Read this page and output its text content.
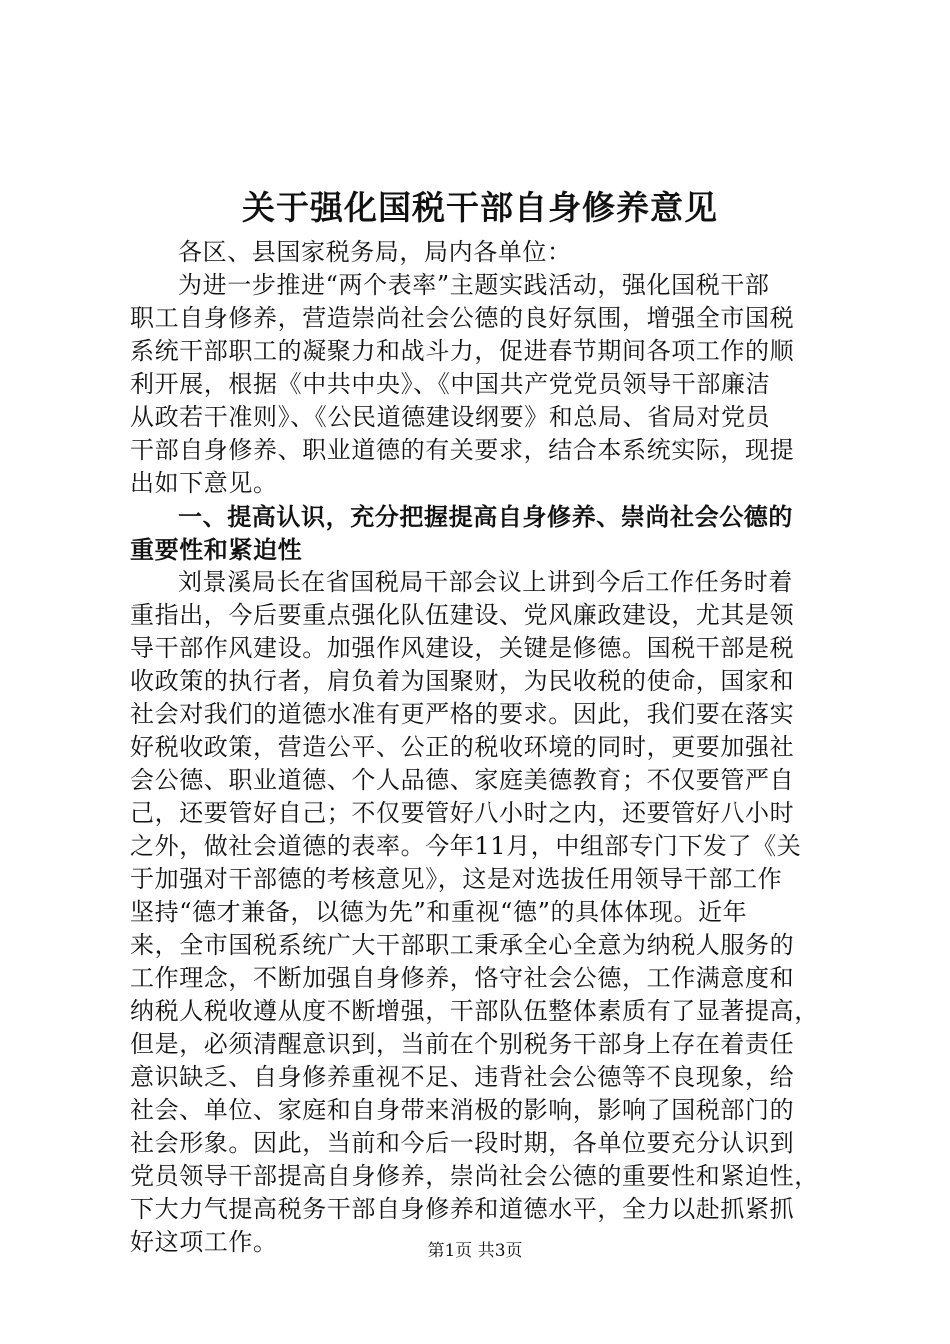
关于强化国税干部自身修养意见
各区、县国家税务局，局内各单位：
为进一步推进“两个表率”主题实践活动，强化国税干部
职工自身修养，营造崇尚社会公德的良好氛围，增强全市国税
系统干部职工的凝聚力和战斗力，促进春节期间各项工作的顺
利开展，根据《中共中央》、《中国共产党党员领导干部廉洁
从政若干准则》、《公民道德建设纲要》和总局、省局对党员
干部自身修养、职业道德的有关要求，结合本系统实际，现提
出如下意见。
一、提高认识，充分把握提高自身修养、崇尚社会公德的
重要性和紧迫性
刘景溪局长在省国税局干部会议上讲到今后工作任务时着
重指出，今后要重点强化队伍建设、党风廉政建设，尤其是领
导干部作风建设。加强作风建设，关键是修德。国税干部是税
收政策的执行者，肩负着为国聚财，为民收税的使命，国家和
社会对我们的道德水准有更严格的要求。因此，我们要在落实
好税收政策，营造公平、公正的税收环境的同时，更要加强社
会公德、职业道德、个人品德、家庭美德教育；不仅要管严自
己，还要管好自己；不仅要管好八小时之内，还要管好八小时
之外，做社会道德的表率。今年11月，中组部专门下发了《关
于加强对干部德的考核意见》，这是对选拔任用领导干部工作
坚持“德才兼备，以德为先”和重视“德”的具体体现。近年
来，全市国税系统广大干部职工秉承全心全意为纳税人服务的
工作理念，不断加强自身修养，恪守社会公德，工作满意度和
纳税人税收遵从度不断增强，干部队伍整体素质有了显著提高，
但是，必须清醒意识到，当前在个别税务干部身上存在着责任
意识缺乏、自身修养重视不足、违背社会公德等不良现象，给
社会、单位、家庭和自身带来消极的影响，影响了国税部门的
社会形象。因此，当前和今后一段时期，各单位要充分认识到
党员领导干部提高自身修养，崇尚社会公德的重要性和紧迫性，
下大力气提高税务干部自身修养和道德水平，全力以赴抓紧抓
好这项工作。	第1页 共3页
